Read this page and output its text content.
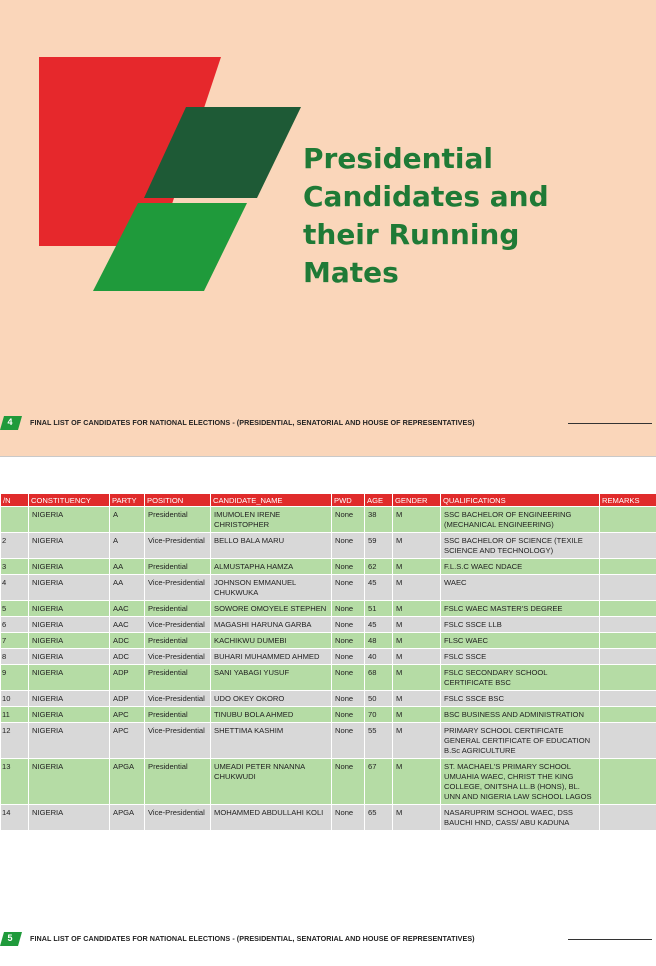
Presidential
Candidates and
their Running
Mates
4	FINAL LIST OF CANDIDATES FOR NATIONAL ELECTIONS - (PRESIDENTIAL, SENATORIAL AND HOUSE OF REPRESENTATIVES)
/N	CONSTITUENCY	PARTY	POSITION	CANDIDATE_NAME	PWD	AGE	GENDER	QUALIFICATIONS	REMARKS
	NIGERIA	A	Presidential	IMUMOLEN IRENE CHRISTOPHER	None	38	M	SSC BACHELOR OF ENGINEERING (MECHANICAL ENGINEERING)	
2	NIGERIA	A	Vice-Presidential	BELLO BALA MARU	None	59	M	SSC BACHELOR OF SCIENCE (TEXILE SCIENCE AND TECHNOLOGY)	
3	NIGERIA	AA	Presidential	ALMUSTAPHA HAMZA	None	62	M	F.L.S.C WAEC NDACE	
4	NIGERIA	AA	Vice-Presidential	JOHNSON EMMANUEL CHUKWUKA	None	45	M	WAEC	
5	NIGERIA	AAC	Presidential	SOWORE OMOYELE STEPHEN	None	51	M	FSLC WAEC MASTER'S DEGREE	
6	NIGERIA	AAC	Vice-Presidential	MAGASHI HARUNA GARBA	None	45	M	FSLC SSCE LLB	
7	NIGERIA	ADC	Presidential	KACHIKWU DUMEBI	None	48	M	FLSC WAEC	
8	NIGERIA	ADC	Vice-Presidential	BUHARI MUHAMMED AHMED	None	40	M	FSLC SSCE	
9	NIGERIA	ADP	Presidential	SANI YABAGI YUSUF	None	68	M	FSLC SECONDARY SCHOOL CERTIFICATE BSC	
10	NIGERIA	ADP	Vice-Presidential	UDO OKEY OKORO	None	50	M	FSLC SSCE BSC	
11	NIGERIA	APC	Presidential	TINUBU BOLA AHMED	None	70	M	BSC BUSINESS AND ADMINISTRATION	
12	NIGERIA	APC	Vice-Presidential	SHETTIMA KASHIM	None	55	M	PRIMARY SCHOOL CERTIFICATE GENERAL CERTIFICATE OF EDUCATION B.Sc AGRICULTURE	
13	NIGERIA	APGA	Presidential	UMEADI PETER NNANNA CHUKWUDI	None	67	M	ST. MACHAEL'S PRIMARY SCHOOL UMUAHIA WAEC, CHRIST THE KING COLLEGE, ONITSHA LL.B (HONS), BL. UNN AND NIGERIA LAW SCHOOL LAGOS	
14	NIGERIA	APGA	Vice-Presidential	MOHAMMED ABDULLAHI KOLI	None	65	M	NASARUPRIM SCHOOL WAEC, DSS BAUCHI HND, CASS/ ABU KADUNA	
5	FINAL LIST OF CANDIDATES FOR NATIONAL ELECTIONS - (PRESIDENTIAL, SENATORIAL AND HOUSE OF REPRESENTATIVES)
